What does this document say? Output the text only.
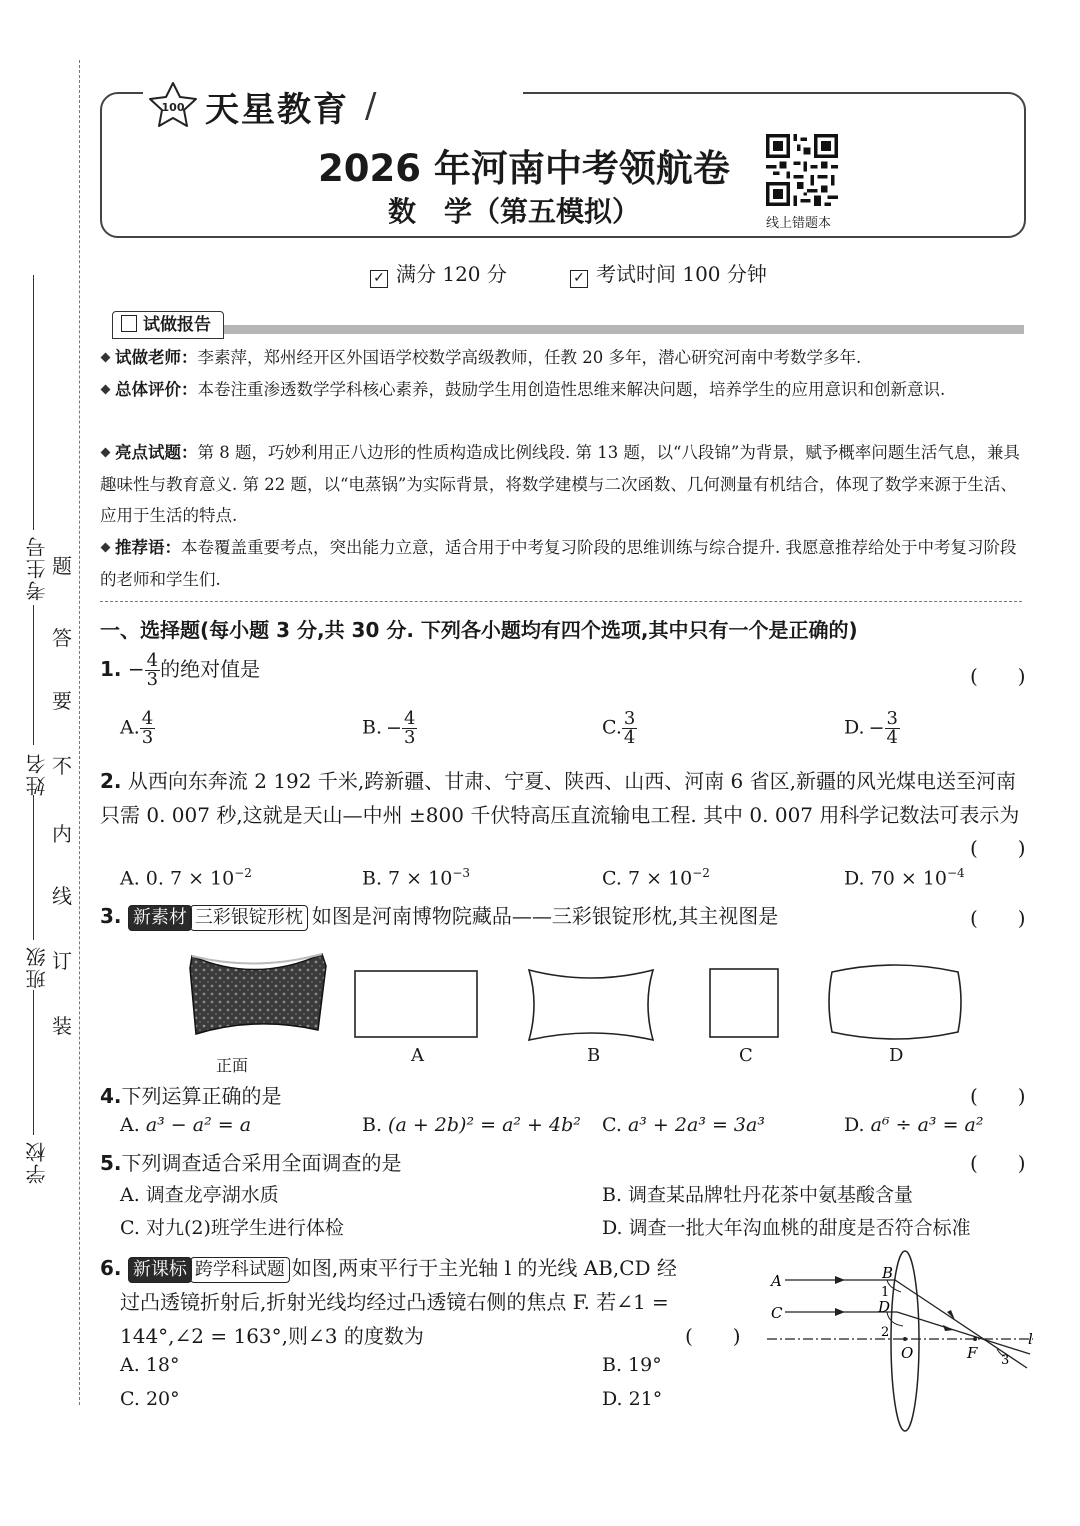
考生号
姓名
班级
学校
题
答
要
不
内
线
订
装
100 天星教育 /
2026 年河南中考领航卷
数　学（第五模拟）	线上错题本
✓ 满分 120 分	✓ 考试时间 100 分钟
试做报告
试做老师：李素萍，郑州经开区外国语学校数学高级教师，任教 20 多年，潜心研究河南中考数学多年.
总体评价：本卷注重渗透数学学科核心素养，鼓励学生用创造性思维来解决问题，培养学生的应用意识和创新意识.
亮点试题：第 8 题，巧妙利用正八边形的性质构造成比例线段. 第 13 题，以“八段锦”为背景，赋予概率问题生活气息，兼具趣味性与教育意义. 第 22 题，以“电蒸锅”为实际背景，将数学建模与二次函数、几何测量有机结合，体现了数学来源于生活、应用于生活的特点.
推荐语：本卷覆盖重要考点，突出能力立意，适合用于中考复习阶段的思维训练与综合提升. 我愿意推荐给处于中考复习阶段的老师和学生们.
一、选择题(每小题 3 分,共 30 分. 下列各小题均有四个选项,其中只有一个是正确的)
1. − $\frac{4}{3}$ 的绝对值是	(　　)
A. $\frac{4}{3}$	B. − $\frac{4}{3}$	C. $\frac{3}{4}$	D. − $\frac{3}{4}$
2. 从西向东奔流 2 192 千米,跨新疆、甘肃、宁夏、陕西、山西、河南 6 省区,新疆的风光煤电送至河南只需 0. 007 秒,这就是天山—中州 ±800 千伏特高压直流输电工程. 其中 0. 007 用科学记数法可表示为
(　　)
A. 0. $7 \times 10^{-2}$	B. $7 \times 10^{-3}$	C. $7 \times 10^{-2}$	D. $70 \times 10^{-4}$
3. 新素材 三彩银锭形枕 如图是河南博物院藏品——三彩银锭形枕,其主视图是	(　　)
正面	A	B	C	D
4.下列运算正确的是	(　　)
A. a³ − a² = a	B. (a + 2b)² = a² + 4b² C. a³ + 2a³ = 3a³	D. a⁶ ÷ a³ = a²
5.下列调查适合采用全面调查的是	(　　)
A. 调查龙亭湖水质	B. 调查某品牌牡丹花茶中氨基酸含量
C. 对九(2)班学生进行体检	D. 调查一批大年沟血桃的甜度是否符合标准
6. 新课标 跨学科试题 如图,两束平行于主光轴 l 的光线 AB,CD 经
过凸透镜折射后,折射光线均经过凸透镜右侧的焦点 F. 若∠1 =
144°,∠2 = 163°,则∠3 的度数为	(　　)
A. 18°	B. 19°
C. 20°	D. 21°
A	B
C	D
1
2
3
O	F
l
